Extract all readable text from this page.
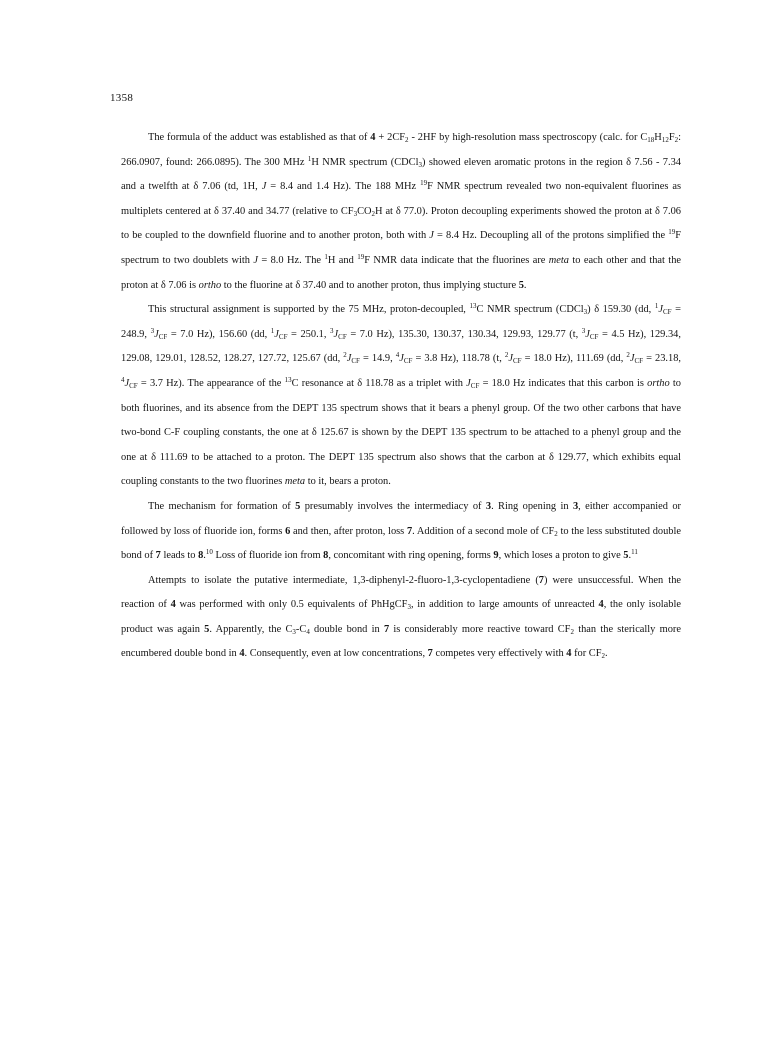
1358

The formula of the adduct was established as that of $4 + 2CF_2 - 2HF$ by high-resolution mass spectroscopy (calc. for $C_{18}H_{12}F_2$: 266.0907, found: 266.0895). The 300 MHz $^1$H NMR spectrum (CDCl$_3$) showed eleven aromatic protons in the region δ 7.56 - 7.34 and a twelfth at δ 7.06 (td, 1H, J = 8.4 and 1.4 Hz). The 188 MHz $^{19}$F NMR spectrum revealed two non-equivalent fluorines as multiplets centered at δ 37.40 and 34.77 (relative to $CF_3CO_2H$ at δ 77.0). Proton decoupling experiments showed the proton at δ 7.06 to be coupled to the downfield fluorine and to another proton, both with J = 8.4 Hz. Decoupling all of the protons simplified the $^{19}$F spectrum to two doublets with J = 8.0 Hz. The $^1$H and $^{19}$F NMR data indicate that the fluorines are meta to each other and that the proton at δ 7.06 is ortho to the fluorine at δ 37.40 and to another proton, thus implying stucture 5.

This structural assignment is supported by the 75 MHz, proton-decoupled, $^{13}$C NMR spectrum (CDCl$_3$) δ 159.30 (dd, $^1J_{CF} = 248.9$, $^3J_{CF} = 7.0$ Hz), 156.60 (dd, $^1J_{CF} = 250.1$, $^3J_{CF} = 7.0$ Hz), 135.30, 130.37, 130.34, 129.93, 129.77 (t, $^3J_{CF} = 4.5$ Hz), 129.34, 129.08, 129.01, 128.52, 128.27, 127.72, 125.67 (dd, $^2J_{CF} = 14.9$, $^4J_{CF} = 3.8$ Hz), 118.78 (t, $^2J_{CF} = 18.0$ Hz), 111.69 (dd, $^2J_{CF} = 23.18$, $^4J_{CF} = 3.7$ Hz). The appearance of the $^{13}$C resonance at δ 118.78 as a triplet with $J_{CF} = 18.0$ Hz indicates that this carbon is ortho to both fluorines, and its absence from the DEPT 135 spectrum shows that it bears a phenyl group. Of the two other carbons that have two-bond C-F coupling constants, the one at δ 125.67 is shown by the DEPT 135 spectrum to be attached to a phenyl group and the one at δ 111.69 to be attached to a proton. The DEPT 135 spectrum also shows that the carbon at δ 129.77, which exhibits equal coupling constants to the two fluorines meta to it, bears a proton.

The mechanism for formation of 5 presumably involves the intermediacy of 3. Ring opening in 3, either accompanied or followed by loss of fluoride ion, forms 6 and then, after proton, loss 7. Addition of a second mole of $CF_2$ to the less substituted double bond of 7 leads to 8.10 Loss of fluoride ion from 8, concomitant with ring opening, forms 9, which loses a proton to give 5.11

Attempts to isolate the putative intermediate, 1,3-diphenyl-2-fluoro-1,3-cyclopentadiene (7) were unsuccessful. When the reaction of 4 was performed with only 0.5 equivalents of PhHgCF$_3$, in addition to large amounts of unreacted 4, the only isolable product was again 5. Apparently, the $C_3-C_4$ double bond in 7 is considerably more reactive toward $CF_2$ than the sterically more encumbered double bond in 4. Consequently, even at low concentrations, 7 competes very effectively with 4 for $CF_2$.
